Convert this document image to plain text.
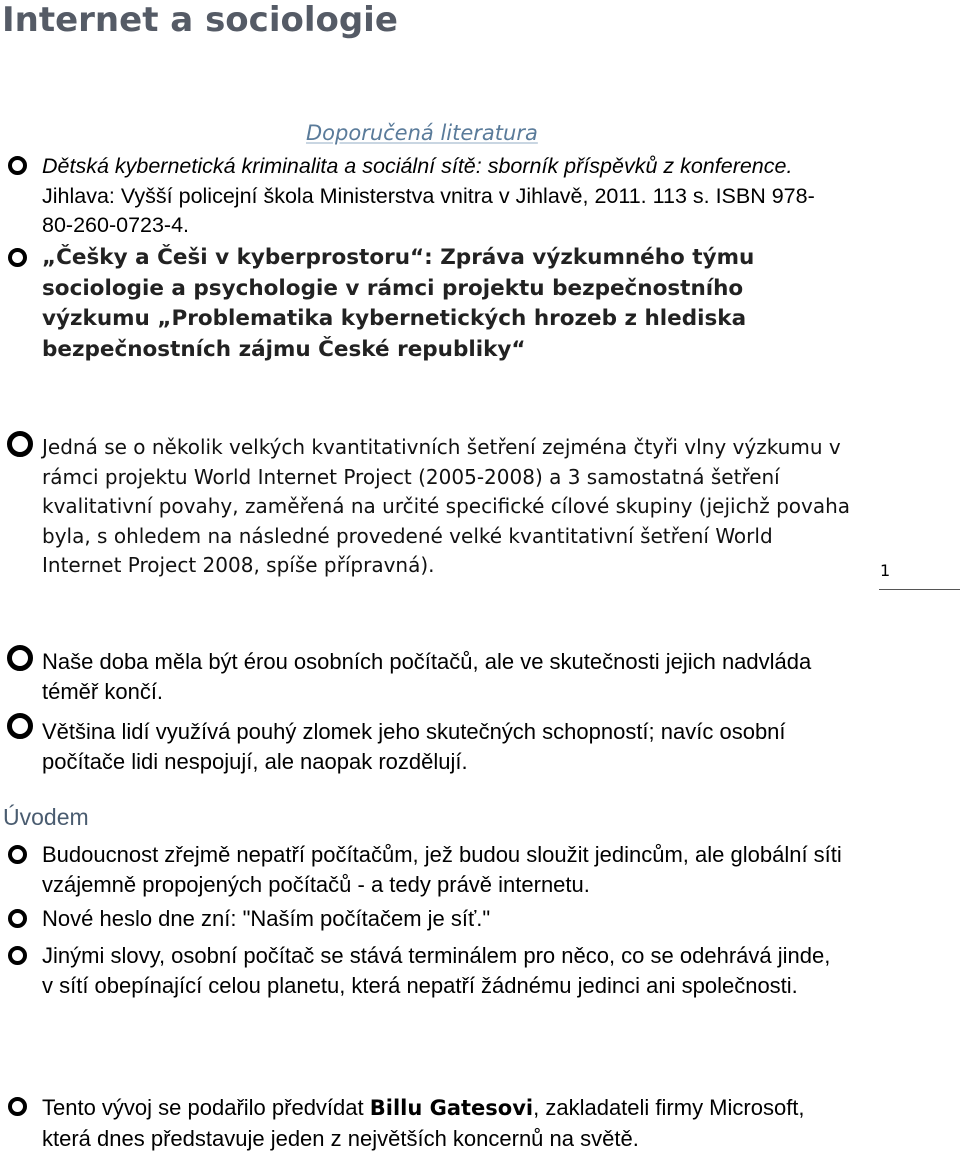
Internet a sociologie
Doporučená literatura
Dětská kybernetická kriminalita a sociální sítě: sborník příspěvků z konference. Jihlava: Vyšší policejní škola Ministerstva vnitra v Jihlavě, 2011. 113 s. ISBN 978-80-260-0723-4.
„Češky a Češi v kyberprostoru“: Zpráva výzkumného týmu sociologie a psychologie v rámci projektu bezpečnostního výzkumu „Problematika kybernetických hrozeb z hlediska bezpečnostních zájmu České republiky“
Jedná se o několik velkých kvantitativních šetření zejména čtyři vlny výzkumu v rámci projektu World Internet Project (2005-2008) a 3 samostatná šetření kvalitativní povahy, zaměřená na určité specifické cílové skupiny (jejichž povaha byla, s ohledem na následné provedené velké kvantitativní šetření World Internet Project 2008, spíše přípravná).	1
Naše doba měla být érou osobních počítačů, ale ve skutečnosti jejich nadvláda téměř končí.
Většina lidí využívá pouhý zlomek jeho skutečných schopností; navíc osobní počítače lidi nespojují, ale naopak rozdělují.
Úvodem
Budoucnost zřejmě nepatří počítačům, jež budou sloužit jedincům, ale globální síti vzájemně propojených počítačů - a tedy právě internetu.
Nové heslo dne zní: "Naším počítačem je síť."
Jinými slovy, osobní počítač se stává terminálem pro něco, co se odehrává jinde, v sítí obepínající celou planetu, která nepatří žádnému jedinci ani společnosti.
Tento vývoj se podařilo předvídat Billu Gatesovi, zakladateli firmy Microsoft, která dnes představuje jeden z největších koncernů na světě.
